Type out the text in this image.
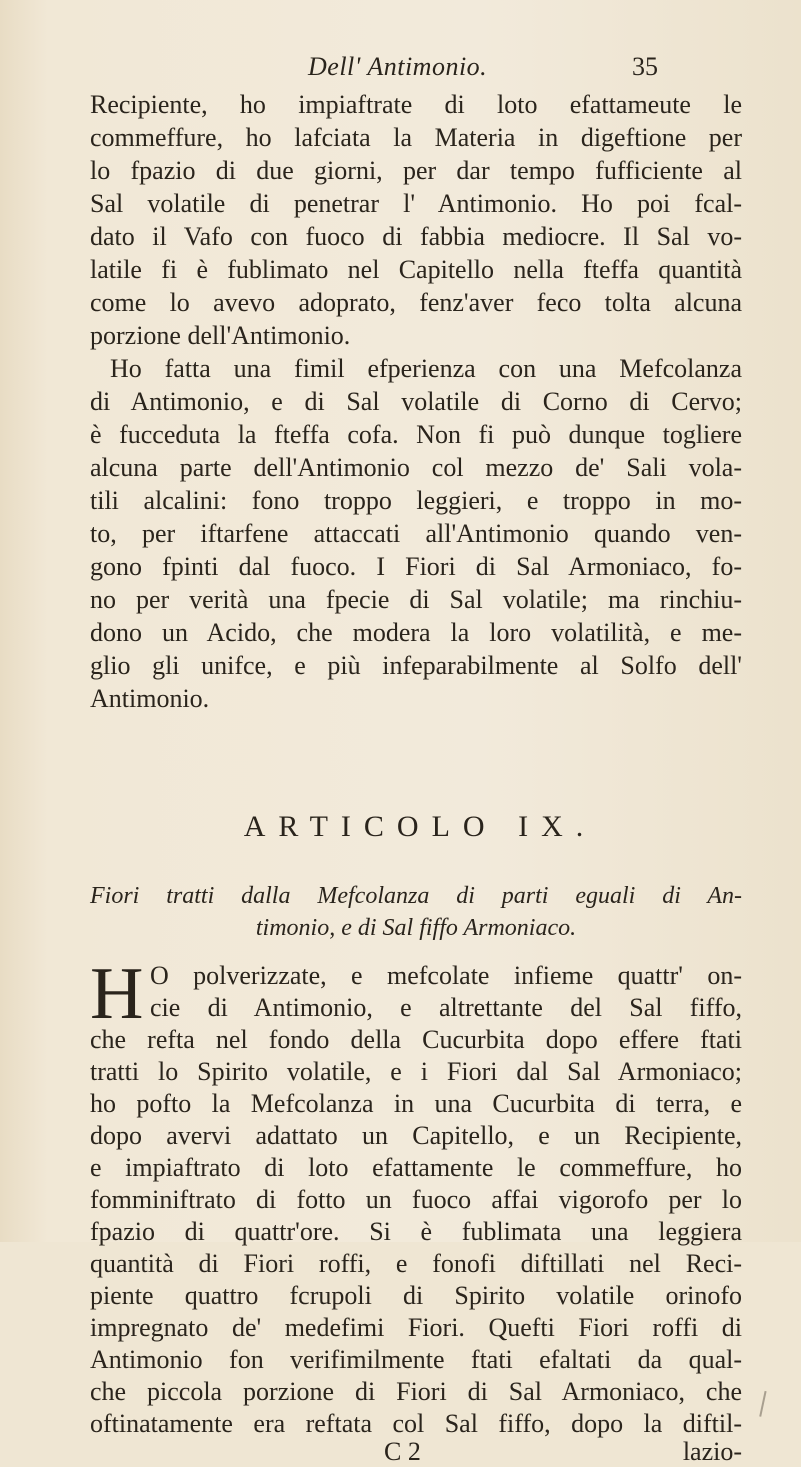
Dell' Antimonio.	35
Recipiente, ho impiaftrate di loto efattameute le
commeffure, ho lafciata la Materia in digeftione per
lo fpazio di due giorni, per dar tempo fufficiente al
Sal volatile di penetrar l' Antimonio. Ho poi fcal-
dato il Vafo con fuoco di fabbia mediocre. Il Sal vo-
latile fi è fublimato nel Capitello nella fteffa quantità
come lo avevo adoprato, fenz'aver feco tolta alcuna
porzione dell'Antimonio.
Ho fatta una fimil efperienza con una Mefcolanza
di Antimonio, e di Sal volatile di Corno di Cervo;
è fucceduta la fteffa cofa. Non fi può dunque togliere
alcuna parte dell'Antimonio col mezzo de' Sali vola-
tili alcalini: fono troppo leggieri, e troppo in mo-
to, per iftarfene attaccati all'Antimonio quando ven-
gono fpinti dal fuoco. I Fiori di Sal Armoniaco, fo-
no per verità una fpecie di Sal volatile; ma rinchiu-
dono un Acido, che modera la loro volatilità, e me-
glio gli unifce, e più infeparabilmente al Solfo dell'
Antimonio.
ARTICOLO IX.
Fiori tratti dalla Mefcolanza di parti eguali di An-
timonio, e di Sal fiffo Armoniaco.
H O polverizzate, e mefcolate infieme quattr' on-
cie di Antimonio, e altrettante del Sal fiffo,
che refta nel fondo della Cucurbita dopo effere ftati
tratti lo Spirito volatile, e i Fiori dal Sal Armoniaco;
ho pofto la Mefcolanza in una Cucurbita di terra, e
dopo avervi adattato un Capitello, e un Recipiente,
e impiaftrato di loto efattamente le commeffure, ho
fomminiftrato di fotto un fuoco affai vigorofo per lo
fpazio di quattr'ore. Si è fublimata una leggiera
quantità di Fiori roffi, e fonofi diftillati nel Reci-
piente quattro fcrupoli di Spirito volatile orinofo
impregnato de' medefimi Fiori. Quefti Fiori roffi di
Antimonio fon verifimilmente ftati efaltati da qual-
che piccola porzione di Fiori di Sal Armoniaco, che
oftinatamente era reftata col Sal fiffo, dopo la diftil-
C 2	lazio-
